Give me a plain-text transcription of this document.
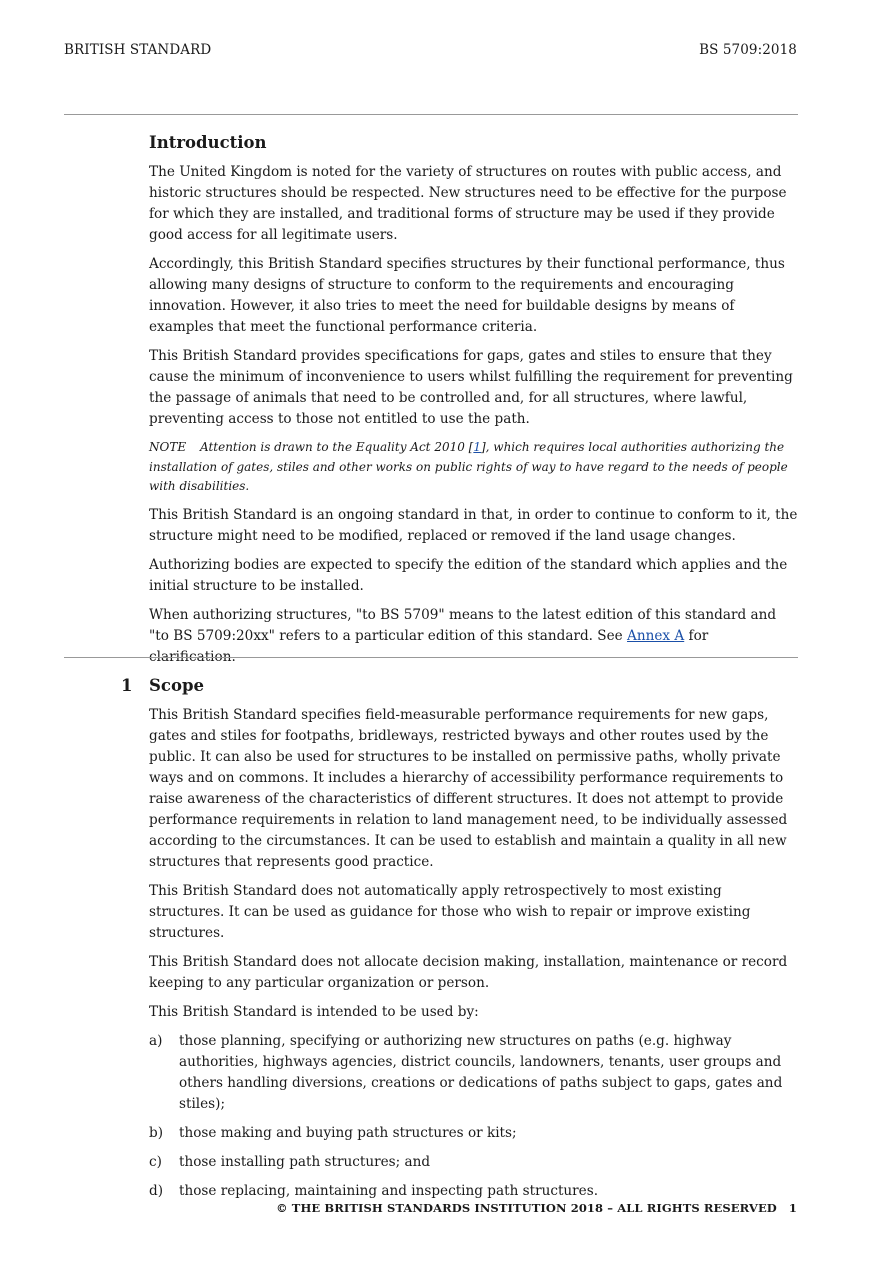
BRITISH STANDARD	BS 5709:2018
Introduction

The United Kingdom is noted for the variety of structures on routes with public access, and historic structures should be respected. New structures need to be effective for the purpose for which they are installed, and traditional forms of structure may be used if they provide good access for all legitimate users.

Accordingly, this British Standard specifies structures by their functional performance, thus allowing many designs of structure to conform to the requirements and encouraging innovation. However, it also tries to meet the need for buildable designs by means of examples that meet the functional performance criteria.

This British Standard provides specifications for gaps, gates and stiles to ensure that they cause the minimum of inconvenience to users whilst fulfilling the requirement for preventing the passage of animals that need to be controlled and, for all structures, where lawful, preventing access to those not entitled to use the path.

NOTE Attention is drawn to the Equality Act 2010 [1], which requires local authorities authorizing the installation of gates, stiles and other works on public rights of way to have regard to the needs of people with disabilities.

This British Standard is an ongoing standard in that, in order to continue to conform to it, the structure might need to be modified, replaced or removed if the land usage changes.

Authorizing bodies are expected to specify the edition of the standard which applies and the initial structure to be installed.

When authorizing structures, "to BS 5709" means to the latest edition of this standard and "to BS 5709:20xx" refers to a particular edition of this standard. See Annex A for clarification.

1 Scope

This British Standard specifies field-measurable performance requirements for new gaps, gates and stiles for footpaths, bridleways, restricted byways and other routes used by the public. It can also be used for structures to be installed on permissive paths, wholly private ways and on commons. It includes a hierarchy of accessibility performance requirements to raise awareness of the characteristics of different structures. It does not attempt to provide performance requirements in relation to land management need, to be individually assessed according to the circumstances. It can be used to establish and maintain a quality in all new structures that represents good practice.

This British Standard does not automatically apply retrospectively to most existing structures. It can be used as guidance for those who wish to repair or improve existing structures.

This British Standard does not allocate decision making, installation, maintenance or record keeping to any particular organization or person.

This British Standard is intended to be used by:

a) those planning, specifying or authorizing new structures on paths (e.g. highway authorities, highways agencies, district councils, landowners, tenants, user groups and others handling diversions, creations or dedications of paths subject to gaps, gates and stiles);
b) those making and buying path structures or kits;
c) those installing path structures; and
d) those replacing, maintaining and inspecting path structures.
© THE BRITISH STANDARDS INSTITUTION 2018 – ALL RIGHTS RESERVED 1
